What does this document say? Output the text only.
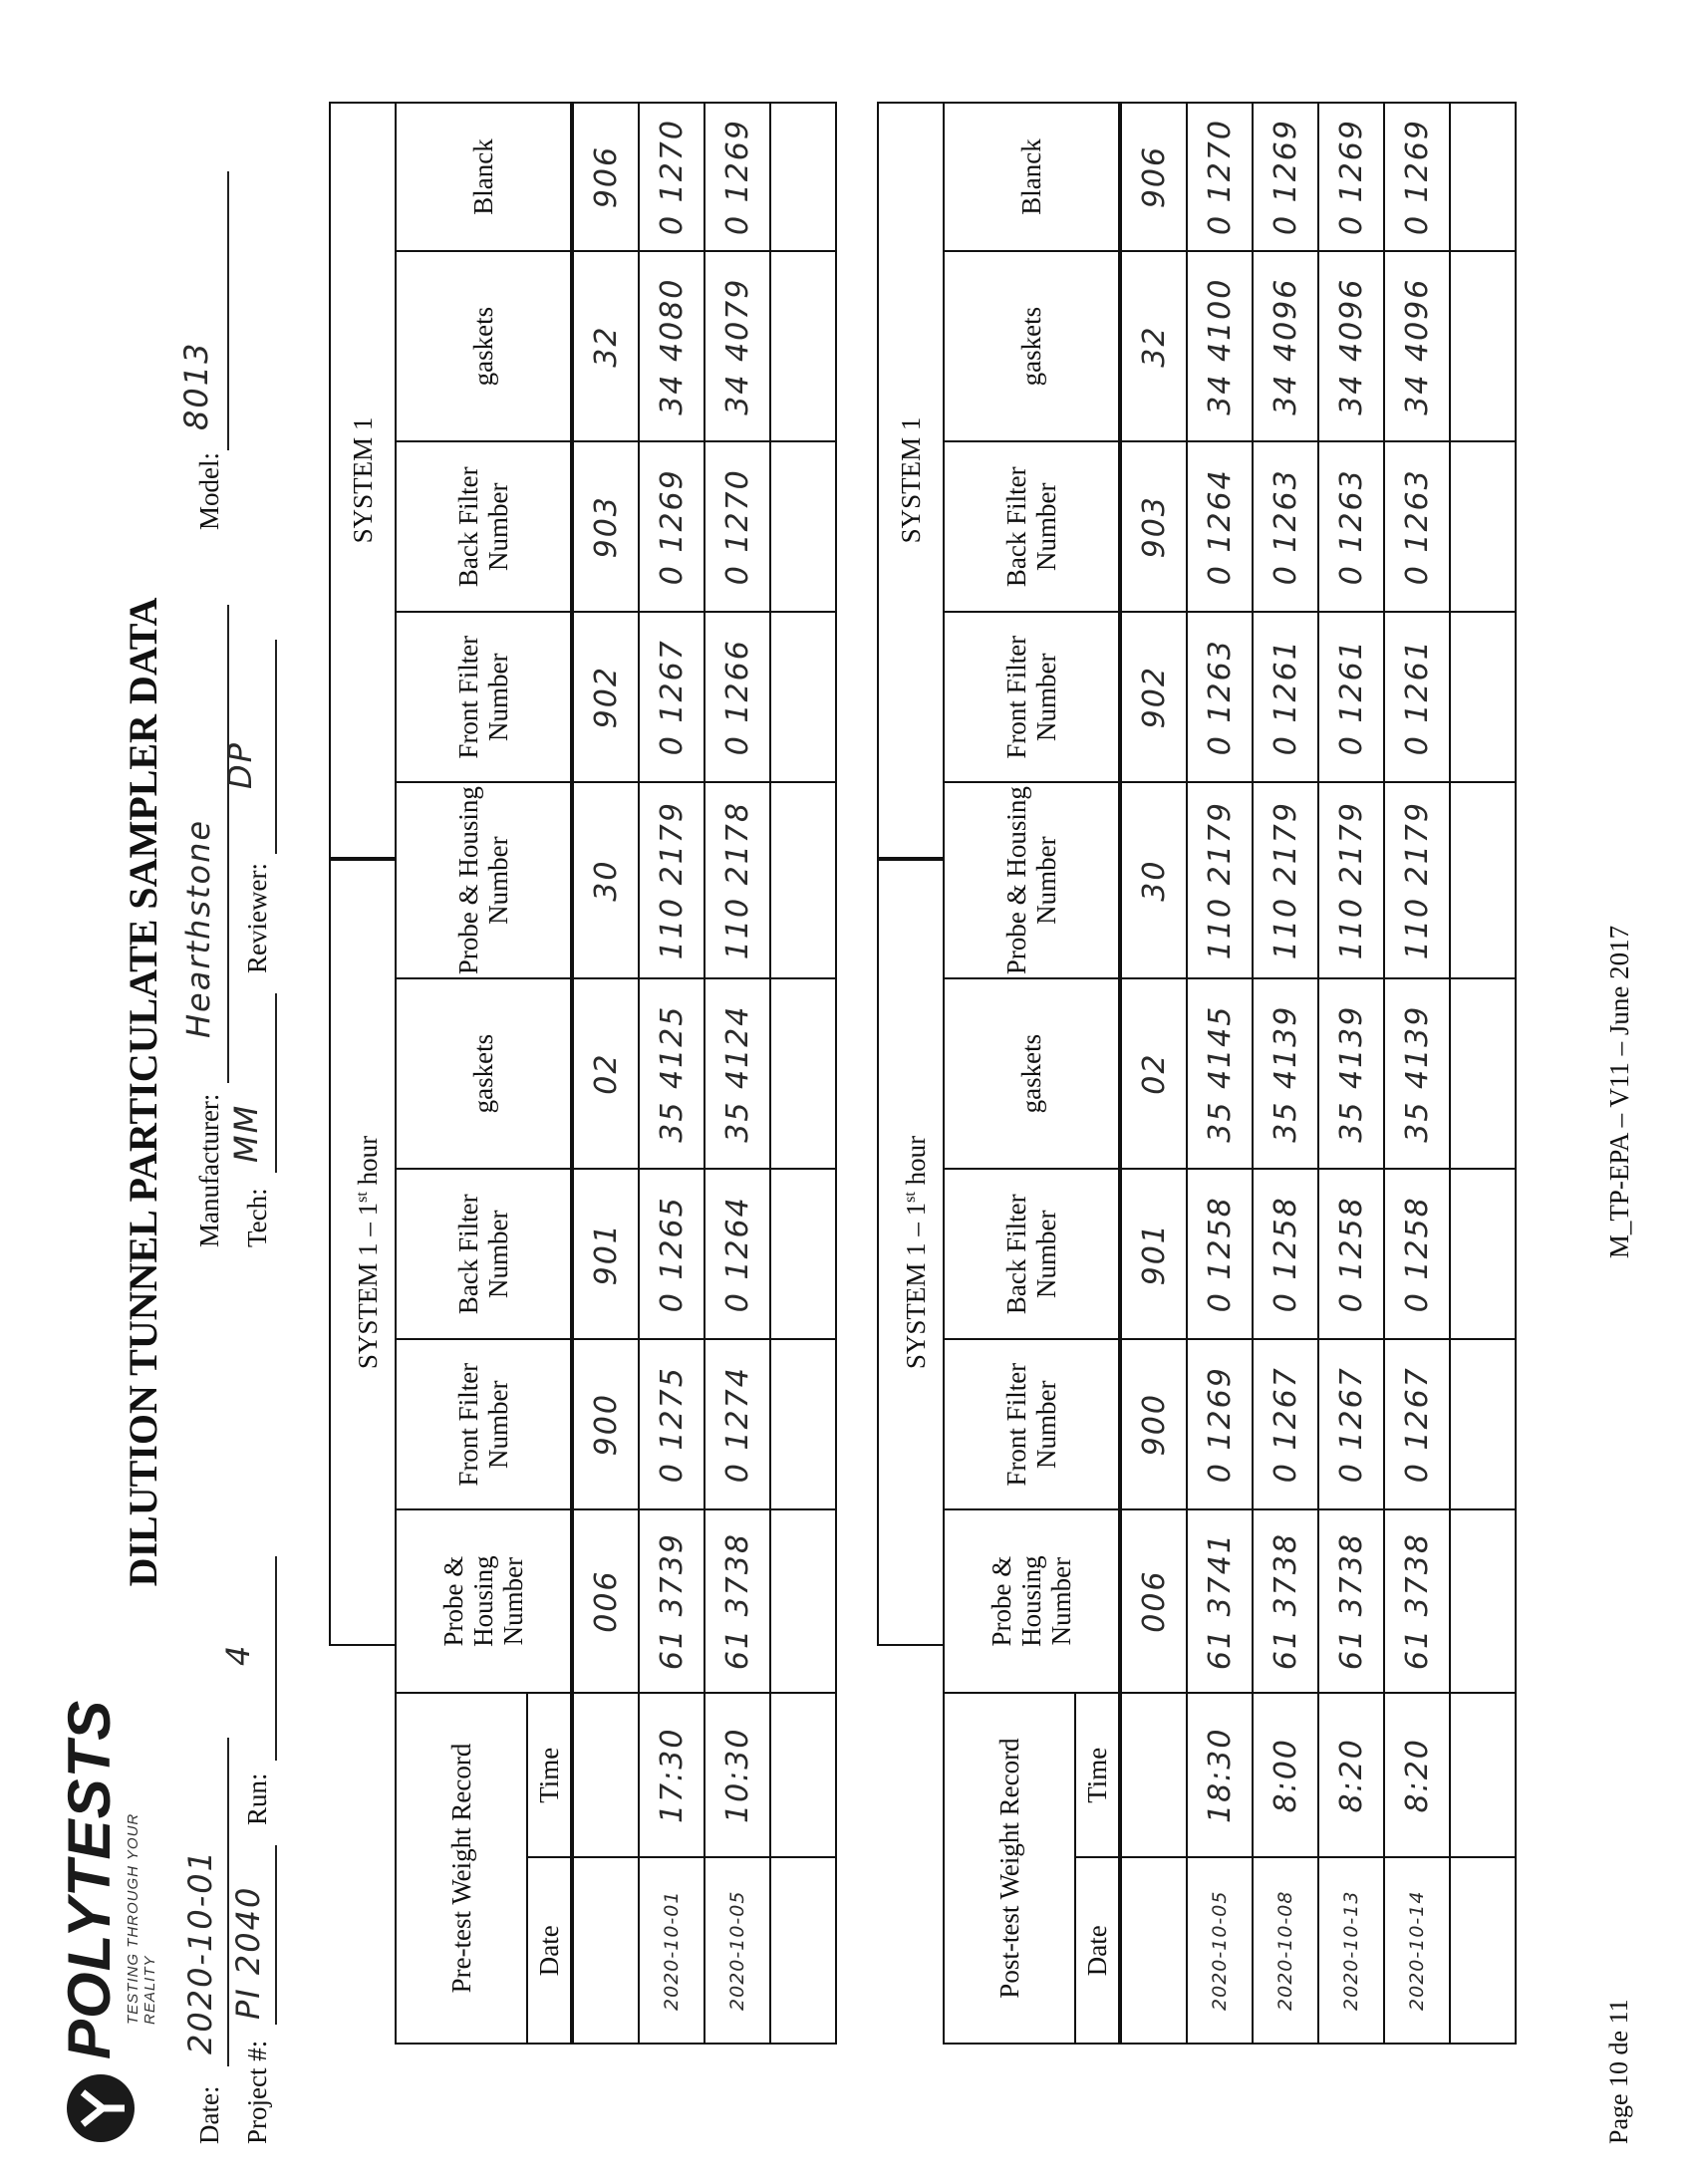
POLYTESTS TESTING THROUGH YOUR REALITY
DILUTION TUNNEL PARTICULATE SAMPLER DATA
Date:
2020-10-01
Manufacturer:
Hearthstone
Model:
8013
Project #:
PI 2040
Run:
4
Tech:
MM
Reviewer:
DP
SYSTEM 1 – 1st hour
SYSTEM 1
Pre-test Weight Record		Probe & Housing Number	Front Filter Number	Back Filter Number	gaskets	Probe & Housing Number	Front Filter Number	Back Filter Number	gaskets	Blanck
Date	Time									
		006	900	901	02	30	902	903	32	906
2020-10-01	17:30	61 3739	0 1275	0 1265	35 4125	110 2179	0 1267	0 1269	34 4080	0 1270
2020-10-05	10:30	61 3738	0 1274	0 1264	35 4124	110 2178	0 1266	0 1270	34 4079	0 1269

SYSTEM 1 – 1st hour
SYSTEM 1
Post-test Weight Record		Probe & Housing Number	Front Filter Number	Back Filter Number	gaskets	Probe & Housing Number	Front Filter Number	Back Filter Number	gaskets	Blanck
Date	Time									
		006	900	901	02	30	902	903	32	906
2020-10-05	18:30	61 3741	0 1269	0 1258	35 4145	110 2179	0 1263	0 1264	34 4100	0 1270
2020-10-08	8:00	61 3738	0 1267	0 1258	35 4139	110 2179	0 1261	0 1263	34 4096	0 1269
2020-10-13	8:20	61 3738	0 1267	0 1258	35 4139	110 2179	0 1261	0 1263	34 4096	0 1269
2020-10-14	8:20	61 3738	0 1267	0 1258	35 4139	110 2179	0 1261	0 1263	34 4096	0 1269

Page 10 de 11
M_TP-EPA – V11 – June 2017
